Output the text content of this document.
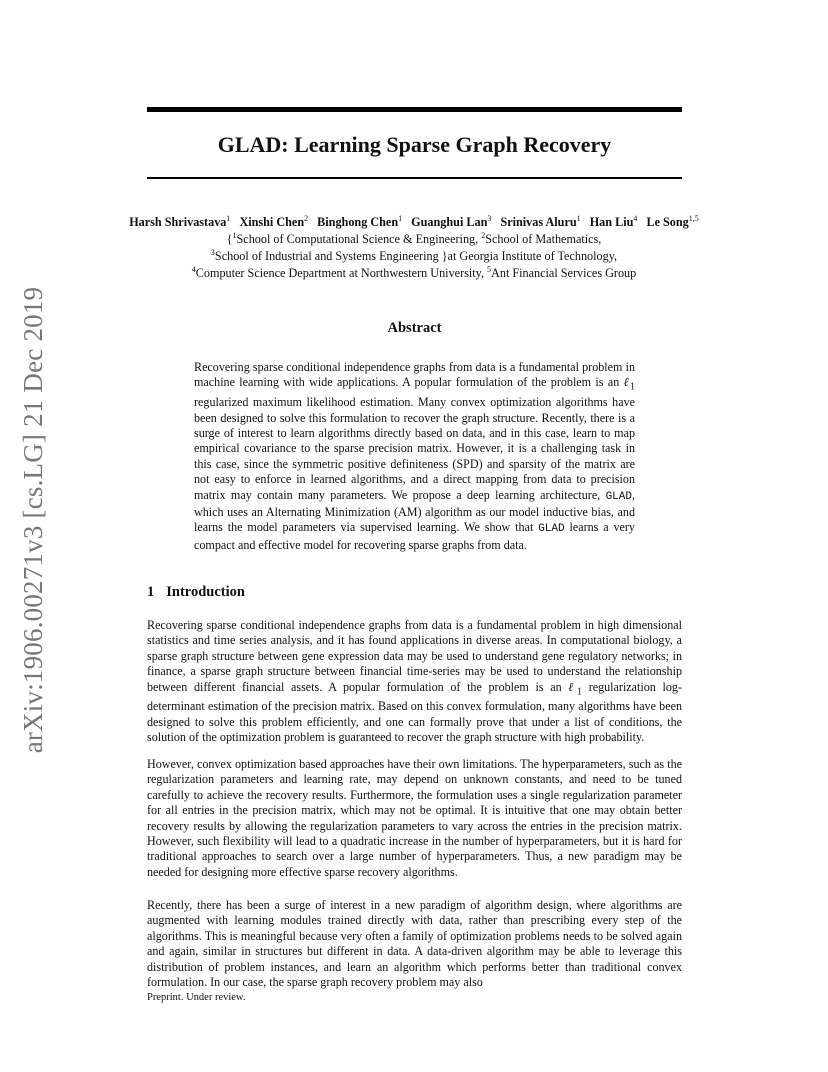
arXiv:1906.00271v3 [cs.LG] 21 Dec 2019
GLAD: Learning Sparse Graph Recovery
Harsh Shrivastava$^1$ Xinshi Chen$^2$ Binghong Chen$^1$ Guanghui Lan$^3$ Srinivas Aluru$^1$ Han Liu$^4$ Le Song$^{1,5}$
{$^1$School of Computational Science & Engineering, $^2$School of Mathematics,
$^3$School of Industrial and Systems Engineering }at Georgia Institute of Technology,
$^4$Computer Science Department at Northwestern University, $^5$Ant Financial Services Group
Abstract

Recovering sparse conditional independence graphs from data is a fundamental problem in machine learning with wide applications. A popular formulation of the problem is an ℓ$_1$ regularized maximum likelihood estimation. Many convex optimization algorithms have been designed to solve this formulation to recover the graph structure. Recently, there is a surge of interest to learn algorithms directly based on data, and in this case, learn to map empirical covariance to the sparse precision matrix. However, it is a challenging task in this case, since the symmetric positive definiteness (SPD) and sparsity of the matrix are not easy to enforce in learned algorithms, and a direct mapping from data to precision matrix may contain many parameters. We propose a deep learning architecture, GLAD, which uses an Alternating Minimization (AM) algorithm as our model inductive bias, and learns the model parameters via supervised learning. We show that GLAD learns a very compact and effective model for recovering sparse graphs from data.

1 Introduction

Recovering sparse conditional independence graphs from data is a fundamental problem in high dimensional statistics and time series analysis, and it has found applications in diverse areas. In computational biology, a sparse graph structure between gene expression data may be used to understand gene regulatory networks; in finance, a sparse graph structure between financial time-series may be used to understand the relationship between different financial assets. A popular formulation of the problem is an ℓ$_1$ regularization log-determinant estimation of the precision matrix. Based on this convex formulation, many algorithms have been designed to solve this problem efficiently, and one can formally prove that under a list of conditions, the solution of the optimization problem is guaranteed to recover the graph structure with high probability.

However, convex optimization based approaches have their own limitations. The hyperparameters, such as the regularization parameters and learning rate, may depend on unknown constants, and need to be tuned carefully to achieve the recovery results. Furthermore, the formulation uses a single regularization parameter for all entries in the precision matrix, which may not be optimal. It is intuitive that one may obtain better recovery results by allowing the regularization parameters to vary across the entries in the precision matrix. However, such flexibility will lead to a quadratic increase in the number of hyperparameters, but it is hard for traditional approaches to search over a large number of hyperparameters. Thus, a new paradigm may be needed for designing more effective sparse recovery algorithms.

Recently, there has been a surge of interest in a new paradigm of algorithm design, where algorithms are augmented with learning modules trained directly with data, rather than prescribing every step of the algorithms. This is meaningful because very often a family of optimization problems needs to be solved again and again, similar in structures but different in data. A data-driven algorithm may be able to leverage this distribution of problem instances, and learn an algorithm which performs better than traditional convex formulation. In our case, the sparse graph recovery problem may also

Preprint. Under review.
